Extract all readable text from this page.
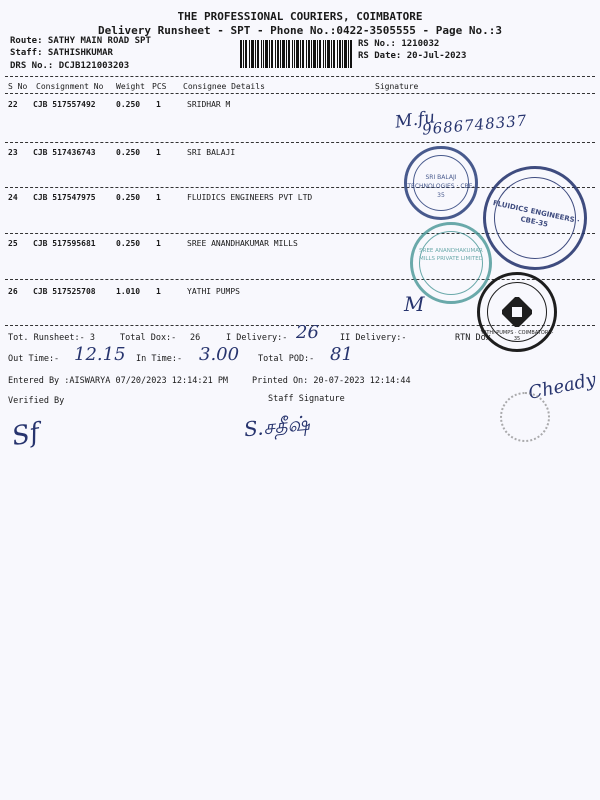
THE PROFESSIONAL COURIERS, COIMBATORE
Delivery Runsheet - SPT - Phone No.:0422-3505555 - Page No.:3
Route: SATHY MAIN ROAD SPT
Staff: SATHISHKUMAR
DRS No.: DCJB121003203
RS No.: 1210032
RS Date: 20-Jul-2023
S No Consignment No Weight PCS Consignee Details	Signature
22 CJB 517557492	0.250 1	SRIDHAR M
23 CJB 517436743	0.250 1	SRI BALAJI
24 CJB 517547975	0.250 1	FLUIDICS ENGINEERS PVT LTD
25 CJB 517595681	0.250 1	SREE ANANDHAKUMAR MILLS
26 CJB 517525708	1.010 1	YATHI PUMPS
M.fu
9686748337
M
SRI BALAJI TECHNOLOGIES · CBE-35
FLUIDICS ENGINEERS · CBE-35
SREE ANANDHAKUMAR MILLS PRIVATE LIMITED
YATHI PUMPS · COIMBATORE-35
Tot. Runsheet:- 3	Total Dox:- 26	I Delivery:- 26 II Delivery:-	RTN Dox
Out Time:- 12.15 In Time:- 3.00 Total POD:- 81
Entered By :AISWARYA 07/20/2023 12:14:21 PM	Printed On: 20-07-2023 12:14:44
Verified By	Staff Signature
Sf	S.சதீஷ்
Cheady
